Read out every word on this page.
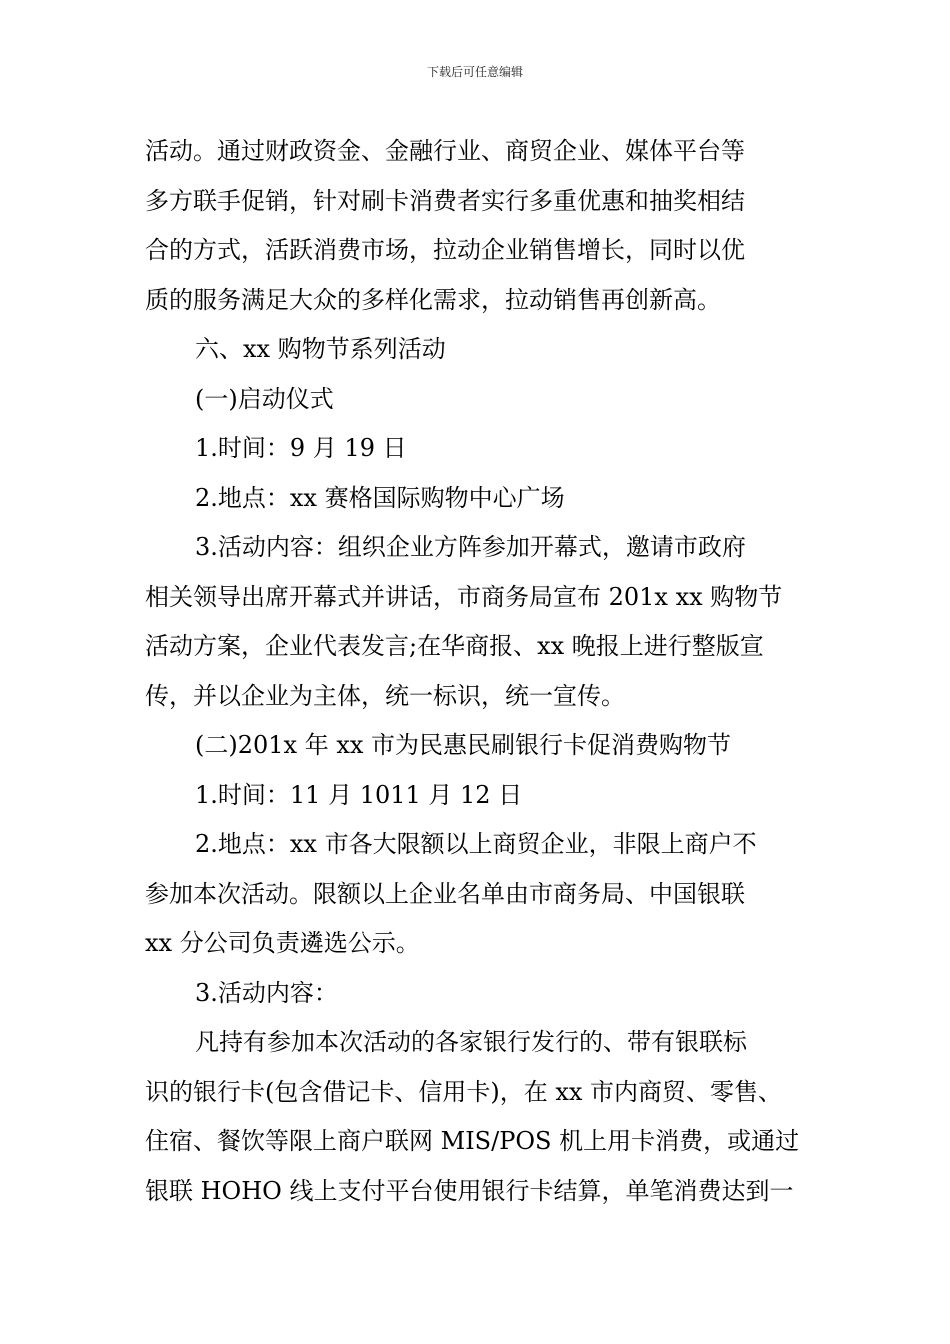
下载后可任意编辑

活动。通过财政资金、金融行业、商贸企业、媒体平台等

多方联手促销，针对刷卡消费者实行多重优惠和抽奖相结

合的方式，活跃消费市场，拉动企业销售增长，同时以优

质的服务满足大众的多样化需求，拉动销售再创新高。

六、xx 购物节系列活动

(一)启动仪式

1.时间：9 月 19 日

2.地点：xx 赛格国际购物中心广场

3.活动内容：组织企业方阵参加开幕式，邀请市政府

相关领导出席开幕式并讲话，市商务局宣布 201x xx 购物节

活动方案，企业代表发言;在华商报、xx 晚报上进行整版宣

传，并以企业为主体，统一标识，统一宣传。

(二)201x 年 xx 市为民惠民刷银行卡促消费购物节

1.时间：11 月 1011 月 12 日

2.地点：xx 市各大限额以上商贸企业，非限上商户不

参加本次活动。限额以上企业名单由市商务局、中国银联

xx 分公司负责遴选公示。

3.活动内容：

凡持有参加本次活动的各家银行发行的、带有银联标

识的银行卡(包含借记卡、信用卡)，在 xx 市内商贸、零售、

住宿、餐饮等限上商户联网 MIS/POS 机上用卡消费，或通过

银联 HOHO 线上支付平台使用银行卡结算，单笔消费达到一
